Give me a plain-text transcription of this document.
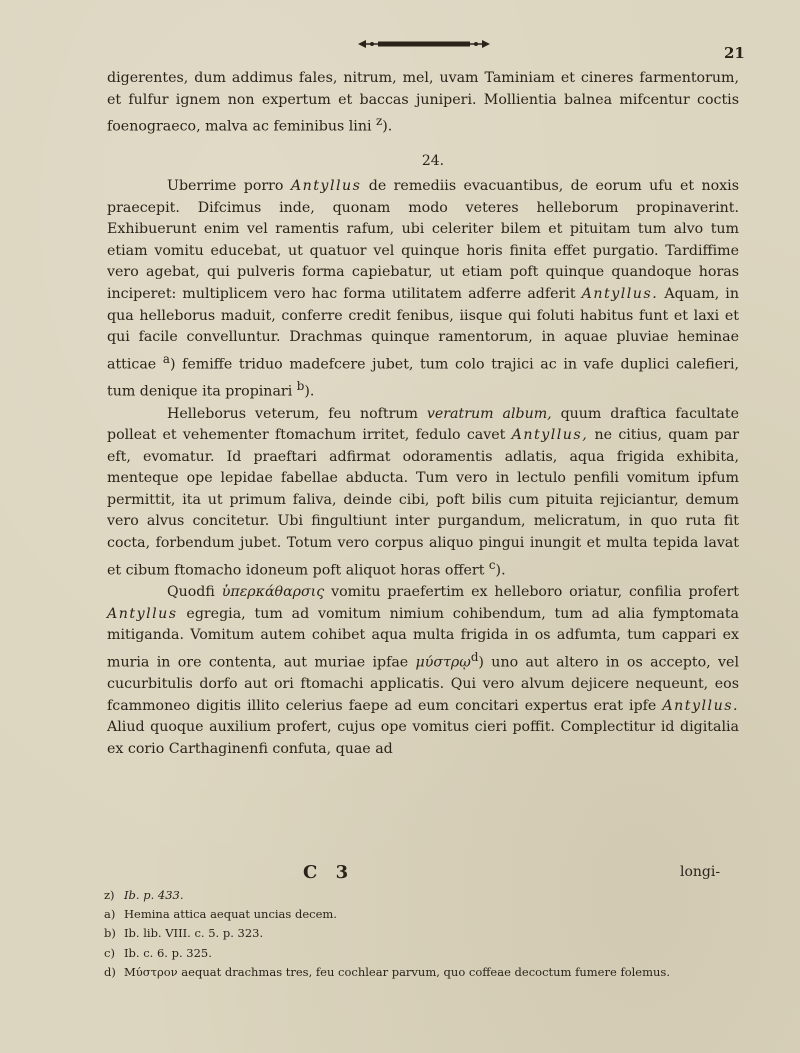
21

digerentes, dum addimus fales, nitrum, mel, uvam Taminiam et cineres farmentorum, et fulfur ignem non expertum et baccas juniperi. Mollientia balnea mifcentur coctis foenograeco, malva ac feminibus lini $^z$).

24.

Uberrime porro Antyllus de remediis evacuantibus, de eorum ufu et noxis praecepit. Difcimus inde, quonam modo veteres helleborum propinaverint. Exhibuerunt enim vel ramentis rafum, ubi celeriter bilem et pituitam tum alvo tum etiam vomitu educebat, ut quatuor vel quinque horis finita effet purgatio. Tardiffime vero agebat, qui pulveris forma capiebatur, ut etiam poft quinque quandoque horas inciperet: multiplicem vero hac forma utilitatem adferre adferit Antyllus. Aquam, in qua helleborus maduit, conferre credit fenibus, iisque qui foluti habitus funt et laxi et qui facile convelluntur. Drachmas quinque ramentorum, in aquae pluviae heminae atticae $^a$) femiffe triduo madefcere jubet, tum colo trajici ac in vafe duplici calefieri, tum denique ita propinari $^b$).

Helleborus veterum, feu noftrum veratrum album, quum draftica facultate polleat et vehementer ftomachum irritet, fedulo cavet Antyllus, ne citius, quam par eft, evomatur. Id praeftari adfirmat odoramentis adlatis, aqua frigida exhibita, menteque ope lepidae fabellae abducta. Tum vero in lectulo penfili vomitum ipfum permittit, ita ut primum faliva, deinde cibi, poft bilis cum pituita rejiciantur, demum vero alvus concitetur. Ubi fingultiunt inter purgandum, melicratum, in quo ruta fit cocta, forbendum jubet. Totum vero corpus aliquo pingui inungit et multa tepida lavat et cibum ftomacho idoneum poft aliquot horas offert $^c$).

Quodfi ὑπερκάθαρσις vomitu praefertim ex helleboro oriatur, confilia profert Antyllus egregia, tum ad vomitum nimium cohibendum, tum ad alia fymptomata mitiganda. Vomitum autem cohibet aqua multa frigida in os adfumta, tum cappari ex muria in ore contenta, aut muriae ipfae μύστρῳ$^d$) uno aut altero in os accepto, vel cucurbitulis dorfo aut ori ftomachi applicatis. Qui vero alvum dejicere nequeunt, eos fcammoneo digitis illito celerius faepe ad eum concitari expertus erat ipfe Antyllus. Aliud quoque auxilium profert, cujus ope vomitus cieri poffit. Complectitur id digitalia ex corio Carthaginenfi confuta, quae ad

C 3	longi-
z) Ib. p. 433.
a) Hemina attica aequat uncias decem.
b) Ib. lib. VIII. c. 5. p. 323.
c) Ib. c. 6. p. 325.
d) Μύστρον aequat drachmas tres, feu cochlear parvum, quo coffeae decoctum fumere folemus.
